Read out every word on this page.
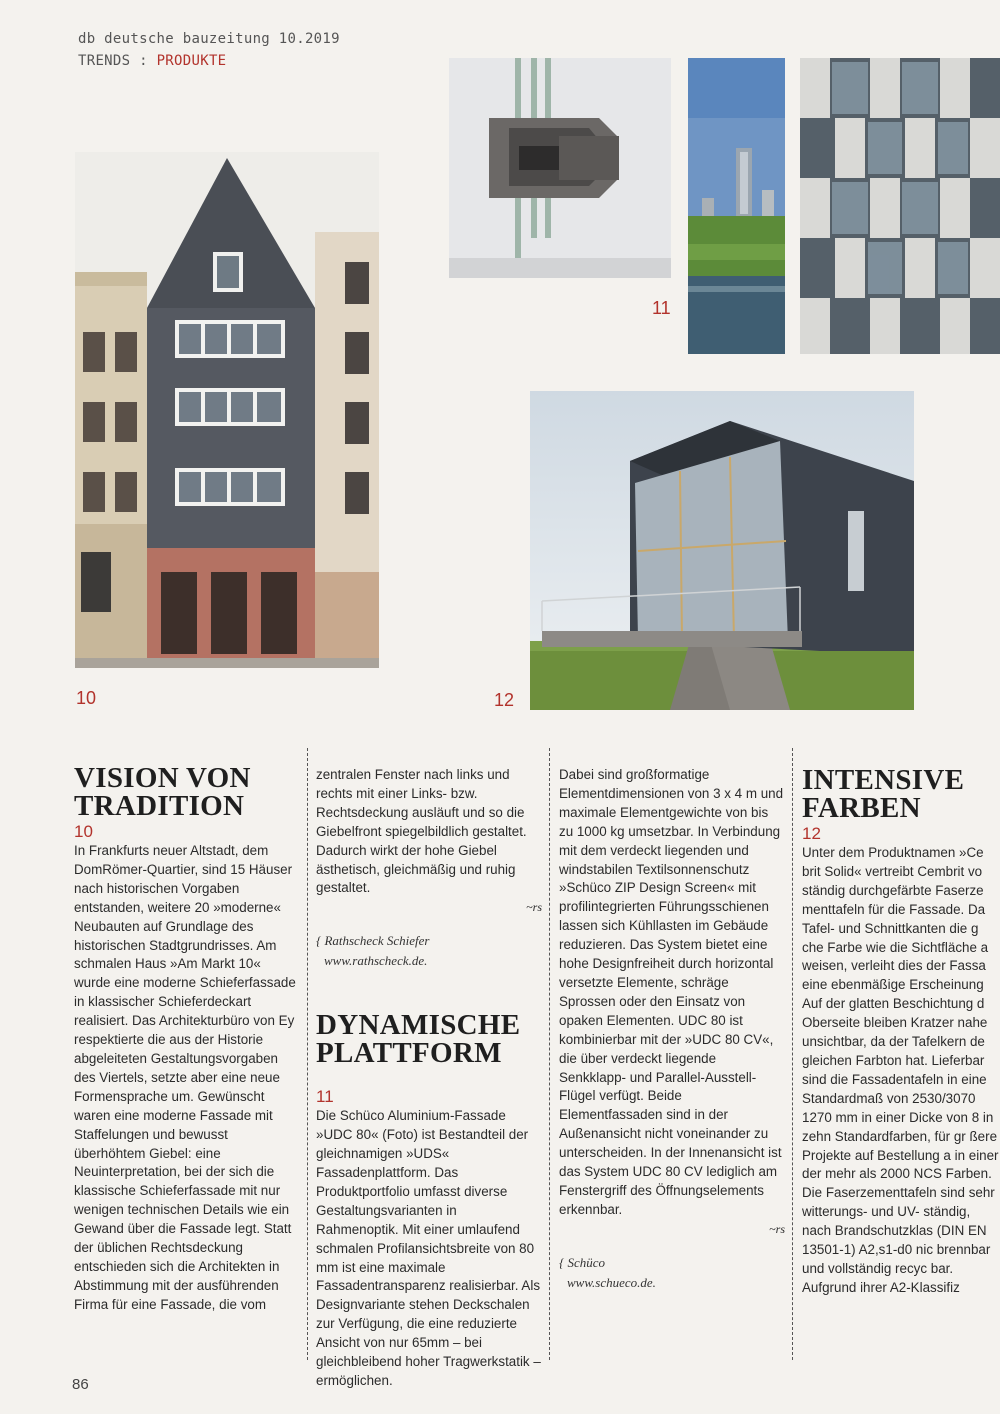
db deutsche bauzeitung 10.2019
TRENDS : PRODUKTE
10
11
12
VISION VON TRADITION
10

In Frankfurts neuer Altstadt, dem DomRömer-Quartier, sind 15 Häuser nach historischen Vorgaben entstanden, weitere 20 »moderne« Neubauten auf Grundlage des historischen Stadtgrundrisses. Am schmalen Haus »Am Markt 10« wurde eine moderne Schieferfassade in klassischer Schieferdeckart realisiert. Das Architekturbüro von Ey respektierte die aus der Historie abgeleiteten Gestaltungsvorgaben des Viertels, setzte aber eine neue Formensprache um. Gewünscht waren eine moderne Fassade mit Staffelungen und bewusst überhöhtem Giebel: eine Neuinterpretation, bei der sich die klassische Schieferfassade mit nur wenigen technischen Details wie ein Gewand über die Fassade legt. Statt der üblichen Rechtsdeckung entschieden sich die Architekten in Abstimmung mit der ausführenden Firma für eine Fassade, die vom

zentralen Fenster nach links und rechts mit einer Links- bzw. Rechtsdeckung ausläuft und so die Giebelfront spiegelbildlich gestaltet. Dadurch wirkt der hohe Giebel ästhetisch, gleichmäßig und ruhig gestaltet.

~rs
{ Rathscheck Schiefer
www.rathscheck.de.
DYNAMISCHE PLATTFORM
11

Die Schüco Aluminium-Fassade »UDC 80« (Foto) ist Bestandteil der gleichnamigen »UDS« Fassadenplattform. Das Produktportfolio umfasst diverse Gestaltungsvarianten in Rahmenoptik. Mit einer umlaufend schmalen Profilansichtsbreite von 80 mm ist eine maximale Fassadentransparenz realisierbar. Als Designvariante stehen Deckschalen zur Verfügung, die eine reduzierte Ansicht von nur 65mm – bei gleichbleibend hoher Tragwerkstatik – ermöglichen.

Dabei sind großformatige Elementdimensionen von 3 x 4 m und maximale Elementgewichte von bis zu 1000 kg umsetzbar. In Verbindung mit dem verdeckt liegenden und windstabilen Textilsonnenschutz »Schüco ZIP Design Screen« mit profilintegrierten Führungsschienen lassen sich Kühllasten im Gebäude reduzieren. Das System bietet eine hohe Designfreiheit durch horizontal versetzte Elemente, schräge Sprossen oder den Einsatz von opaken Elementen. UDC 80 ist kombinierbar mit der »UDC 80 CV«, die über verdeckt liegende Senkklapp- und Parallel-Ausstell-Flügel verfügt. Beide Elementfassaden sind in der Außenansicht nicht voneinander zu unterscheiden. In der Innenansicht ist das System UDC 80 CV lediglich am Fenstergriff des Öffnungselements erkennbar.

~rs
{ Schüco
www.schueco.de.
INTENSIVE FARBEN
12

Unter dem Produktnamen »Ce brit Solid« vertreibt Cembrit vo ständig durchgefärbte Faserze menttafeln für die Fassade. Da Tafel- und Schnittkanten die g che Farbe wie die Sichtfläche a weisen, verleiht dies der Fassa eine ebenmäßige Erscheinung Auf der glatten Beschichtung d Oberseite bleiben Kratzer nahe unsichtbar, da der Tafelkern de gleichen Farbton hat. Lieferbar sind die Fassadentafeln in eine Standardmaß von 2530/3070 1270 mm in einer Dicke von 8 in zehn Standardfarben, für gr ßere Projekte auf Bestellung a in einer der mehr als 2000 NCS Farben. Die Faserzementtafeln sind sehr witterungs- und UV- ständig, nach Brandschutzklas (DIN EN 13501-1) A2,s1-d0 nic brennbar und vollständig recyc bar. Aufgrund ihrer A2-Klassifiz

86
